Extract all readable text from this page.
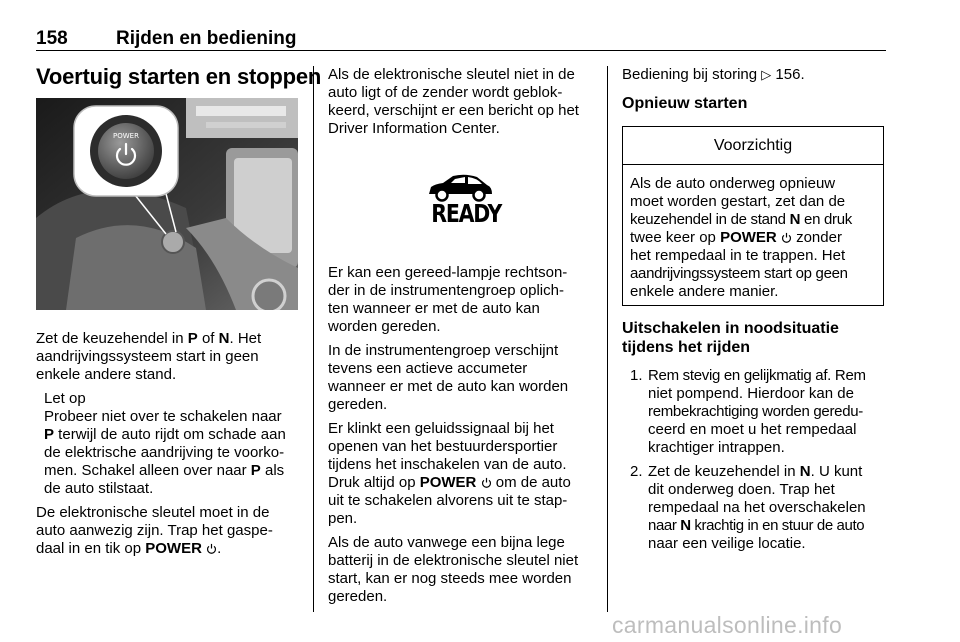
158	Rijden en bediening
Voertuig starten en stoppen
POWER
Zet de keuzehendel in P of N. Het
aandrijvingssysteem start in geen
enkele andere stand.
Let op
Probeer niet over te schakelen naar
P terwijl de auto rijdt om schade aan
de elektrische aandrijving te voorko-
men. Schakel alleen over naar P als
de auto stilstaat.
De elektronische sleutel moet in de
auto aanwezig zijn. Trap het gaspe-
daal in en tik op POWER .
Als de elektronische sleutel niet in de
auto ligt of de zender wordt geblok-
keerd, verschijnt er een bericht op het
Driver Information Center.
READY
Er kan een gereed-lampje rechtson-
der in de instrumentengroep oplich-
ten wanneer er met de auto kan
worden gereden.
In de instrumentengroep verschijnt
tevens een actieve accumeter
wanneer er met de auto kan worden
gereden.
Er klinkt een geluidssignaal bij het
openen van het bestuurdersportier
tijdens het inschakelen van de auto.
Druk altijd op POWER  om de auto
uit te schakelen alvorens uit te stap-
pen.
Als de auto vanwege een bijna lege
batterij in de elektronische sleutel niet
start, kan er nog steeds mee worden
gereden.
Bediening bij storing ▷ 156.
Opnieuw starten
Voorzichtig
Als de auto onderweg opnieuw
moet worden gestart, zet dan de
keuzehendel in de stand N en druk
twee keer op POWER  zonder
het rempedaal in te trappen. Het
aandrijvingssysteem start op geen
enkele andere manier.
Uitschakelen in noodsituatie
tijdens het rijden
1. Rem stevig en gelijkmatig af. Rem
niet pompend. Hierdoor kan de
rembekrachtiging worden geredu-
ceerd en moet u het rempedaal
krachtiger intrappen.
2. Zet de keuzehendel in N. U kunt
dit onderweg doen. Trap het
rempedaal na het overschakelen
naar N krachtig in en stuur de auto
naar een veilige locatie.
carmanualsonline.info
